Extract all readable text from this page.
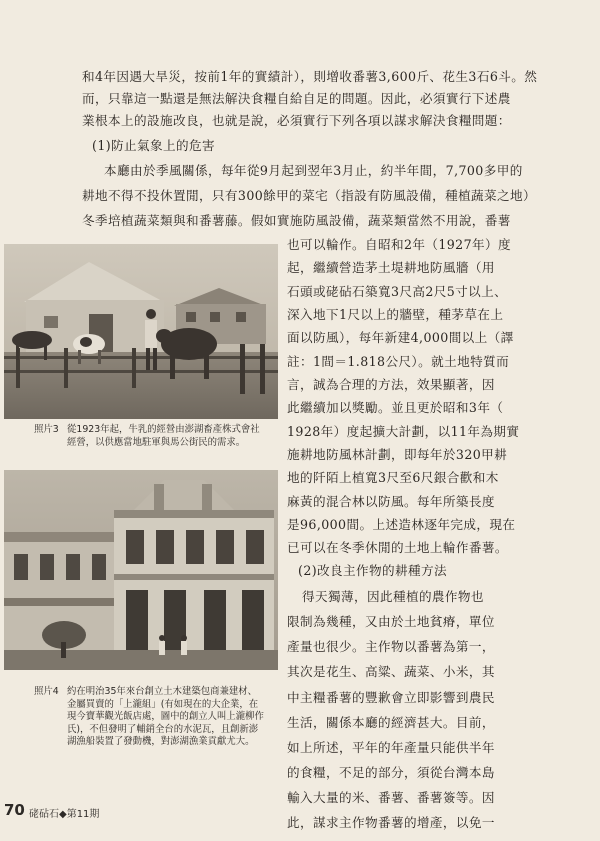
和4年因遇大旱災，按前1年的實績計），則增收番薯3,600斤、花生3石6斗。然
而，只靠這一點還是無法解決食糧自給自足的問題。因此，必須實行下述農
業根本上的設施改良，也就是說，必須實行下列各項以謀求解決食糧問題：
(1)防止氣象上的危害
本廳由於季風關係，每年從9月起到翌年3月止，約半年間，7,700多甲的
耕地不得不投休置閒，只有300餘甲的菜宅（指設有防風設備，種植蔬菜之地）
冬季培植蔬菜類與和番薯藤。假如實施防風設備，蔬菜類當然不用說，番薯
也可以輪作。自昭和2年（1927年）度
起，繼續營造茅土堤耕地防風牆（用
石頭或硓砧石築寬3尺高2尺5寸以上、
深入地下1尺以上的牆壁，種茅草在上
面以防風），每年新建4,000間以上（譯
註：1間＝1.818公尺）。就土地特質而
言，誠為合理的方法，效果顯著，因
此繼續加以獎勵。並且更於昭和3年（
1928年）度起擴大計劃，以11年為期實
施耕地防風林計劃，即每年於320甲耕
地的阡陌上植寬3尺至6尺銀合歡和木
麻黃的混合林以防風。每年所築長度
是96,000間。上述造林逐年完成，現在
已可以在冬季休閒的土地上輪作番薯。
(2)改良主作物的耕種方法
得天獨薄，因此種植的農作物也
限制為幾種，又由於土地貧瘠，單位
產量也很少。主作物以番薯為第一，
其次是花生、高粱、蔬菜、小米，其
中主糧番薯的豐歉會立即影響到農民
生活，關係本廳的經濟甚大。目前，
如上所述，平年的年產量只能供半年
的食糧，不足的部分，須從台灣本島
輸入大量的米、番薯、番薯簽等。因
此，謀求主作物番薯的增產，以免一
照片3 從1923年起，牛乳的經營由澎湖畜產株式會社經營，以供應當地駐軍與馬公街民的需求。
照片4 約在明治35年來台創立土木建築包商兼建材、金屬買賣的「上瀧組」(有如現在的大企業，在現今寶華觀光飯店處，圖中的創立人叫上瀧柳作氏)，不但發明了輔銷全台的水泥瓦，且創新澎湖漁船裝置了發動機，對澎湖漁業貢獻尤大。
70 硓砧石◆第11期
